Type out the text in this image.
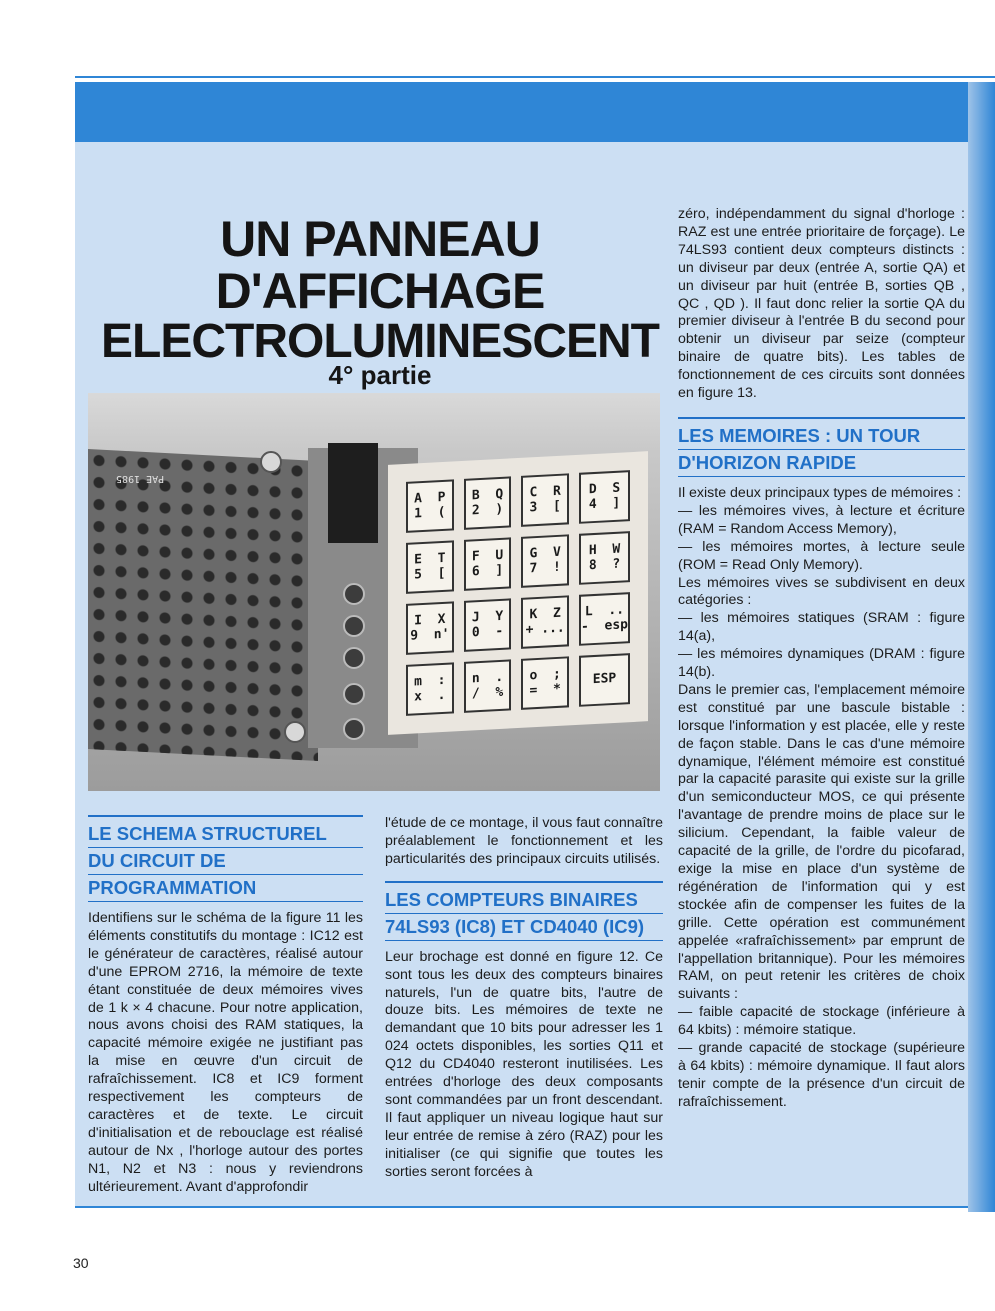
UN PANNEAU
D'AFFICHAGE
ELECTROLUMINESCENT
4° partie
PAE 1985
A  P
1  (
B  Q
2  )
C  R
3  [
D  S
4  ]
E  T
5  [
F  U
6  ]
G  V
7  !
H  W
8  ?
I  X
9  n'
J  Y
0  -
K  Z
+ ...
L  ..
-  esp
m  :
x  .
n  .
/  %
o  ;
=  *
ESP
LE SCHEMA STRUCTUREL
DU CIRCUIT DE
PROGRAMMATION

Identifiens sur le schéma de la figure 11 les éléments constitutifs du montage : IC12 est le générateur de caractères, réalisé autour d'une EPROM 2716, la mémoire de texte étant constituée de deux mémoires vives de 1 k × 4 chacune. Pour notre application, nous avons choisi des RAM statiques, la capacité mémoire exigée ne justifiant pas la mise en œuvre d'un circuit de rafraîchissement. IC8 et IC9 forment respectivement les compteurs de caractères et de texte. Le circuit d'initialisation et de rebouclage est réalisé autour de Nx , l'horloge autour des portes N1, N2 et N3 : nous y reviendrons ultérieurement. Avant d'approfondir

l'étude de ce montage, il vous faut connaître préalablement le fonctionnement et les particularités des principaux circuits utilisés.

LES COMPTEURS BINAIRES
74LS93 (IC8) ET CD4040 (IC9)

Leur brochage est donné en figure 12. Ce sont tous les deux des compteurs binaires naturels, l'un de quatre bits, l'autre de douze bits. Les mémoires de texte ne demandant que 10 bits pour adresser les 1 024 octets disponibles, les sorties Q11 et Q12 du CD4040 resteront inutilisées. Les entrées d'horloge des deux composants sont commandées par un front descendant. Il faut appliquer un niveau logique haut sur leur entrée de remise à zéro (RAZ) pour les initialiser (ce qui signifie que toutes les sorties seront forcées à

zéro, indépendamment du signal d'horloge : RAZ est une entrée prioritaire de forçage). Le 74LS93 contient deux compteurs distincts : un diviseur par deux (entrée A, sortie QA) et un diviseur par huit (entrée B, sorties QB , QC , QD ). Il faut donc relier la sortie QA du premier diviseur à l'entrée B du second pour obtenir un diviseur par seize (compteur binaire de quatre bits). Les tables de fonctionnement de ces circuits sont données en figure 13.

LES MEMOIRES : UN TOUR
D'HORIZON RAPIDE

Il existe deux principaux types de mémoires :
— les mémoires vives, à lecture et écriture (RAM = Random Access Memory),
— les mémoires mortes, à lecture seule (ROM = Read Only Memory).
Les mémoires vives se subdivisent en deux catégories :
— les mémoires statiques (SRAM : figure 14(a),
— les mémoires dynamiques (DRAM : figure 14(b).
Dans le premier cas, l'emplacement mémoire est constitué par une bascule bistable : lorsque l'information y est placée, elle y reste de façon stable. Dans le cas d'une mémoire dynamique, l'élément mémoire est constitué par la capacité parasite qui existe sur la grille d'un semiconducteur MOS, ce qui présente l'avantage de prendre moins de place sur le silicium. Cependant, la faible valeur de capacité de la grille, de l'ordre du picofarad, exige la mise en place d'un système de régénération de l'information qui y est stockée afin de compenser les fuites de la grille. Cette opération est communément appelée «rafraîchissement» par emprunt de l'appellation britannique). Pour les mémoires RAM, on peut retenir les critères de choix suivants :
— faible capacité de stockage (inférieure à 64 kbits) : mémoire statique.
— grande capacité de stockage (supérieure à 64 kbits) : mémoire dynamique. Il faut alors tenir compte de la présence d'un circuit de rafraîchissement.

30
